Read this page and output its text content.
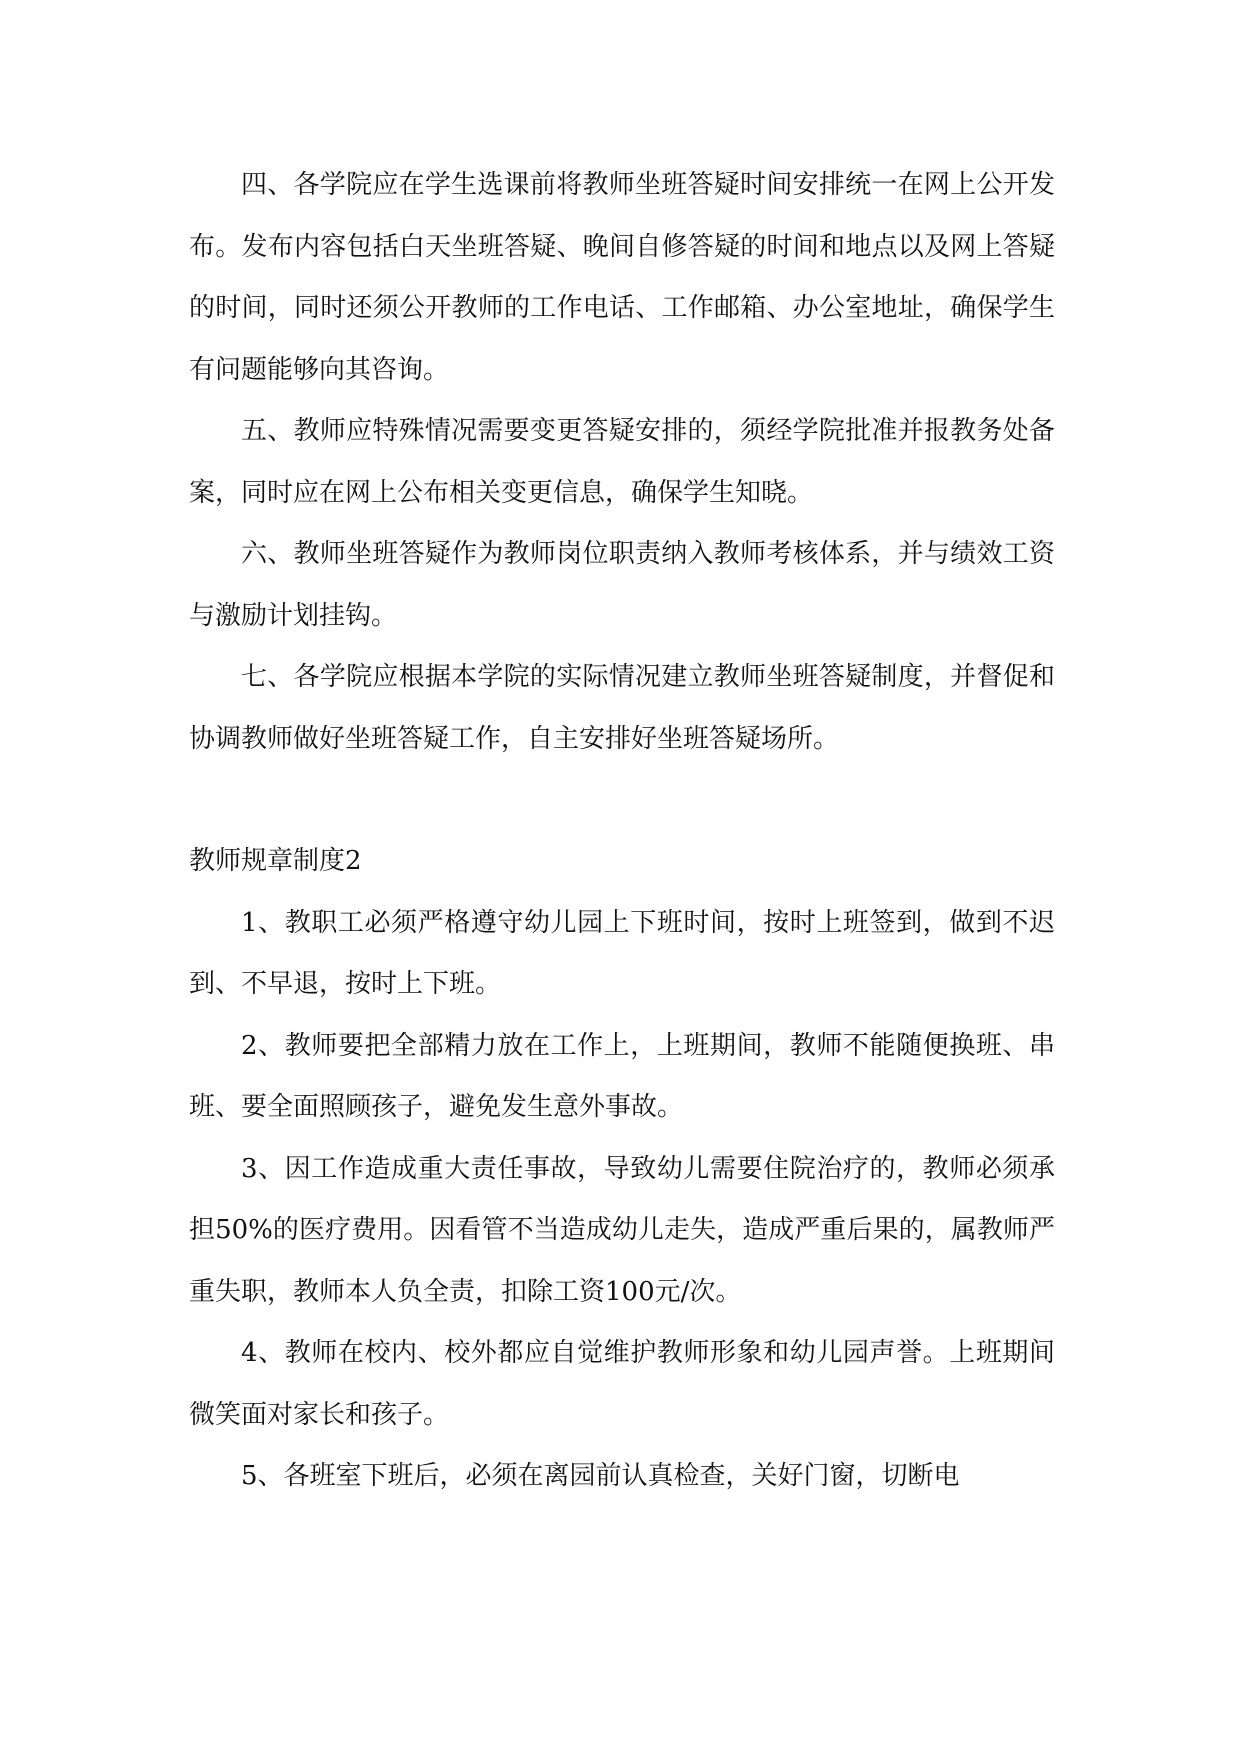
四、各学院应在学生选课前将教师坐班答疑时间安排统一在网上公开发布。发布内容包括白天坐班答疑、晚间自修答疑的时间和地点以及网上答疑的时间，同时还须公开教师的工作电话、工作邮箱、办公室地址，确保学生有问题能够向其咨询。

五、教师应特殊情况需要变更答疑安排的，须经学院批准并报教务处备案，同时应在网上公布相关变更信息，确保学生知晓。

六、教师坐班答疑作为教师岗位职责纳入教师考核体系，并与绩效工资与激励计划挂钩。

七、各学院应根据本学院的实际情况建立教师坐班答疑制度，并督促和协调教师做好坐班答疑工作，自主安排好坐班答疑场所。

教师规章制度2

1、教职工必须严格遵守幼儿园上下班时间，按时上班签到，做到不迟到、不早退，按时上下班。

2、教师要把全部精力放在工作上，上班期间，教师不能随便换班、串班、要全面照顾孩子，避免发生意外事故。

3、因工作造成重大责任事故，导致幼儿需要住院治疗的，教师必须承担50%的医疗费用。因看管不当造成幼儿走失，造成严重后果的，属教师严重失职，教师本人负全责，扣除工资100元/次。

4、教师在校内、校外都应自觉维护教师形象和幼儿园声誉。上班期间微笑面对家长和孩子。

5、各班室下班后，必须在离园前认真检查，关好门窗，切断电
